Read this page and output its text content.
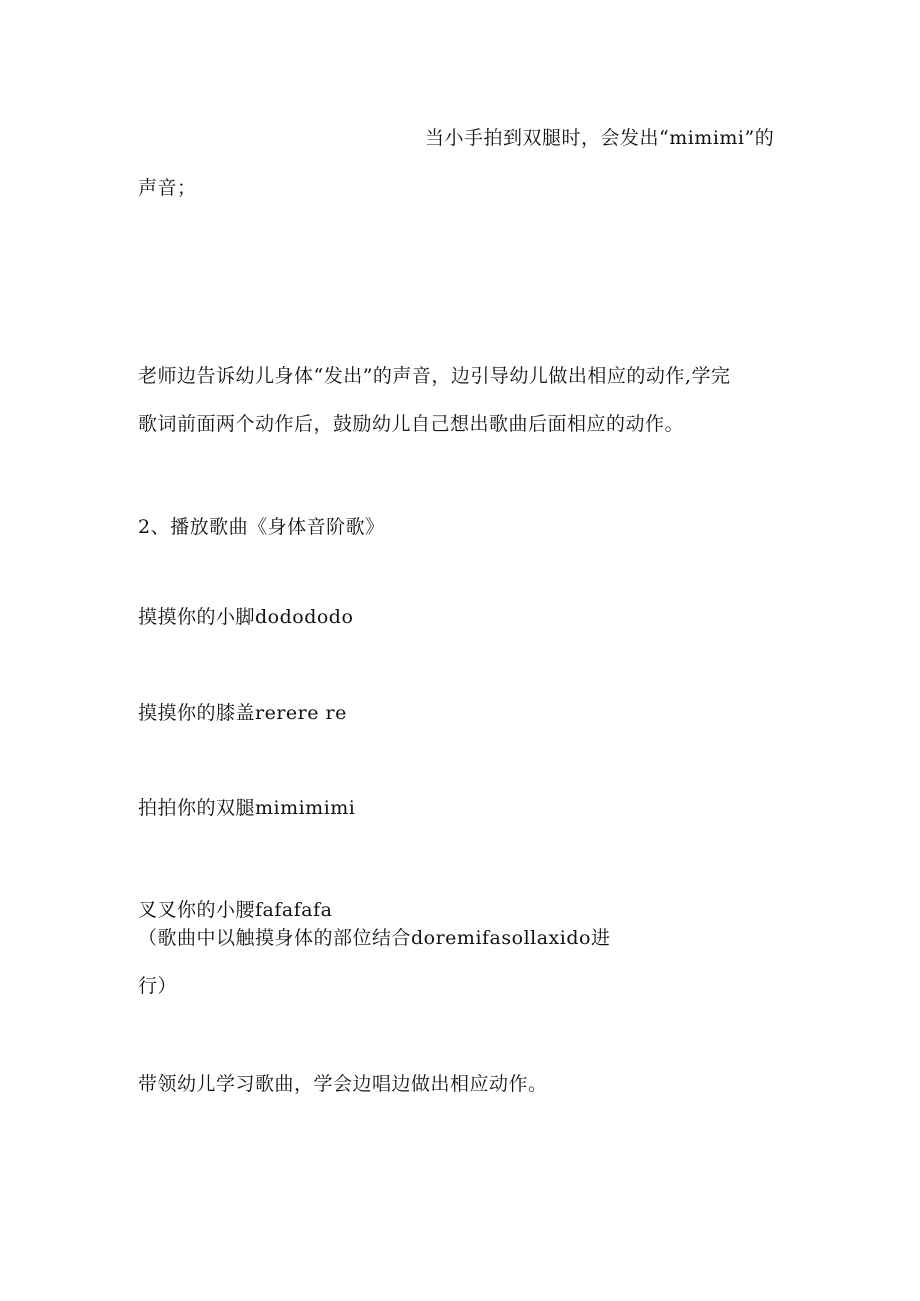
当小手拍到双腿时，会发出“mimimi”的
声音；
老师边告诉幼儿身体“发出”的声音，边引导幼儿做出相应的动作,学完
歌词前面两个动作后，鼓励幼儿自己想出歌曲后面相应的动作。
2、播放歌曲《身体音阶歌》
摸摸你的小脚dodododo
摸摸你的膝盖rerere re
拍拍你的双腿mimimimi
叉叉你的小腰fafafafa
（歌曲中以触摸身体的部位结合doremifasollaxido进
行）
带领幼儿学习歌曲，学会边唱边做出相应动作。
